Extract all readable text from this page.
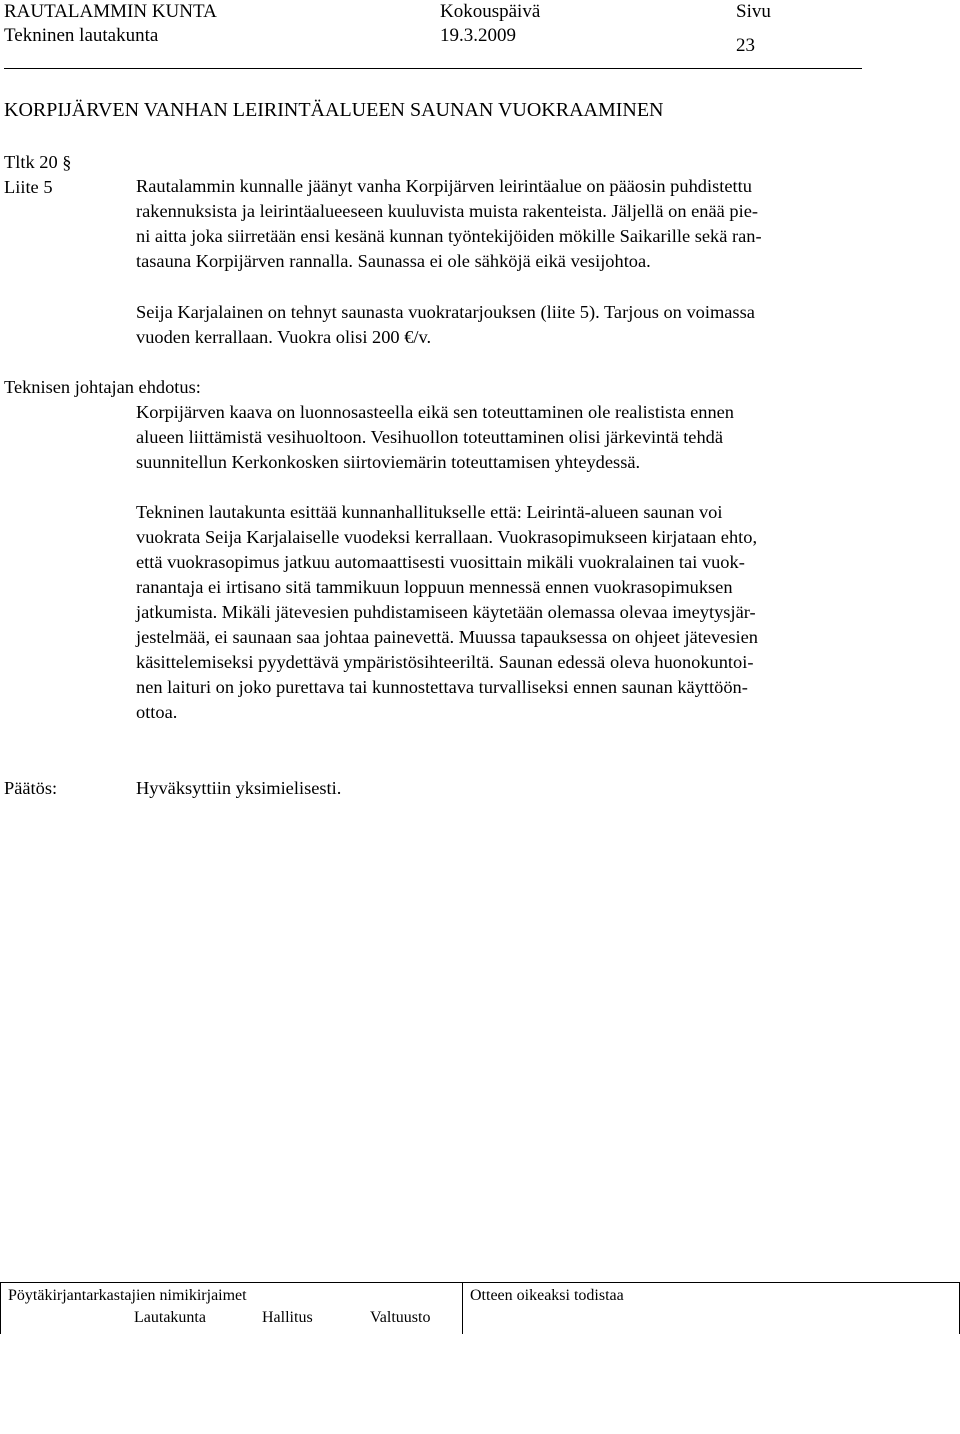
RAUTALAMMIN KUNTA
Tekninen lautakunta
Kokouspäivä
19.3.2009
Sivu
23
KORPIJÄRVEN VANHAN LEIRINTÄALUEEN SAUNAN VUOKRAAMINEN
Tltk 20 §
Liite 5	Rautalammin kunnalle jäänyt vanha Korpijärven leirintäalue on pääosin puhdistettu
rakennuksista ja leirintäalueeseen kuuluvista muista rakenteista. Jäljellä on enää pie-
ni aitta joka siirretään ensi kesänä kunnan työntekijöiden mökille Saikarille sekä ran-
tasauna Korpijärven rannalla. Saunassa ei ole sähköjä eikä vesijohtoa.
Seija Karjalainen on tehnyt saunasta vuokratarjouksen (liite 5). Tarjous on voimassa
vuoden kerrallaan. Vuokra olisi 200 €/v.
Teknisen johtajan ehdotus:
Korpijärven kaava on luonnosasteella eikä sen toteuttaminen ole realistista ennen
alueen liittämistä vesihuoltoon. Vesihuollon toteuttaminen olisi järkevintä tehdä
suunnitellun Kerkonkosken siirtoviemärin toteuttamisen yhteydessä.
Tekninen lautakunta esittää kunnanhallitukselle että: Leirintä-alueen saunan voi
vuokrata Seija Karjalaiselle vuodeksi kerrallaan. Vuokrasopimukseen kirjataan ehto,
että vuokrasopimus jatkuu automaattisesti vuosittain mikäli vuokralainen tai vuok-
ranantaja ei irtisano sitä tammikuun loppuun mennessä ennen vuokrasopimuksen
jatkumista. Mikäli jätevesien puhdistamiseen käytetään olemassa olevaa imeytysjär-
jestelmää, ei saunaan saa johtaa painevettä. Muussa tapauksessa on ohjeet jätevesien
käsittelemiseksi pyydettävä ympäristösihteeriltä. Saunan edessä oleva huonokuntoi-
nen laituri on joko purettava tai kunnostettava turvalliseksi ennen saunan käyttöön-
ottoa.
Päätös:	Hyväksyttiin yksimielisesti.
Pöytäkirjantarkastajien nimikirjaimet	Otteen oikeaksi todistaa
Lautakunta	Hallitus	Valtuusto
